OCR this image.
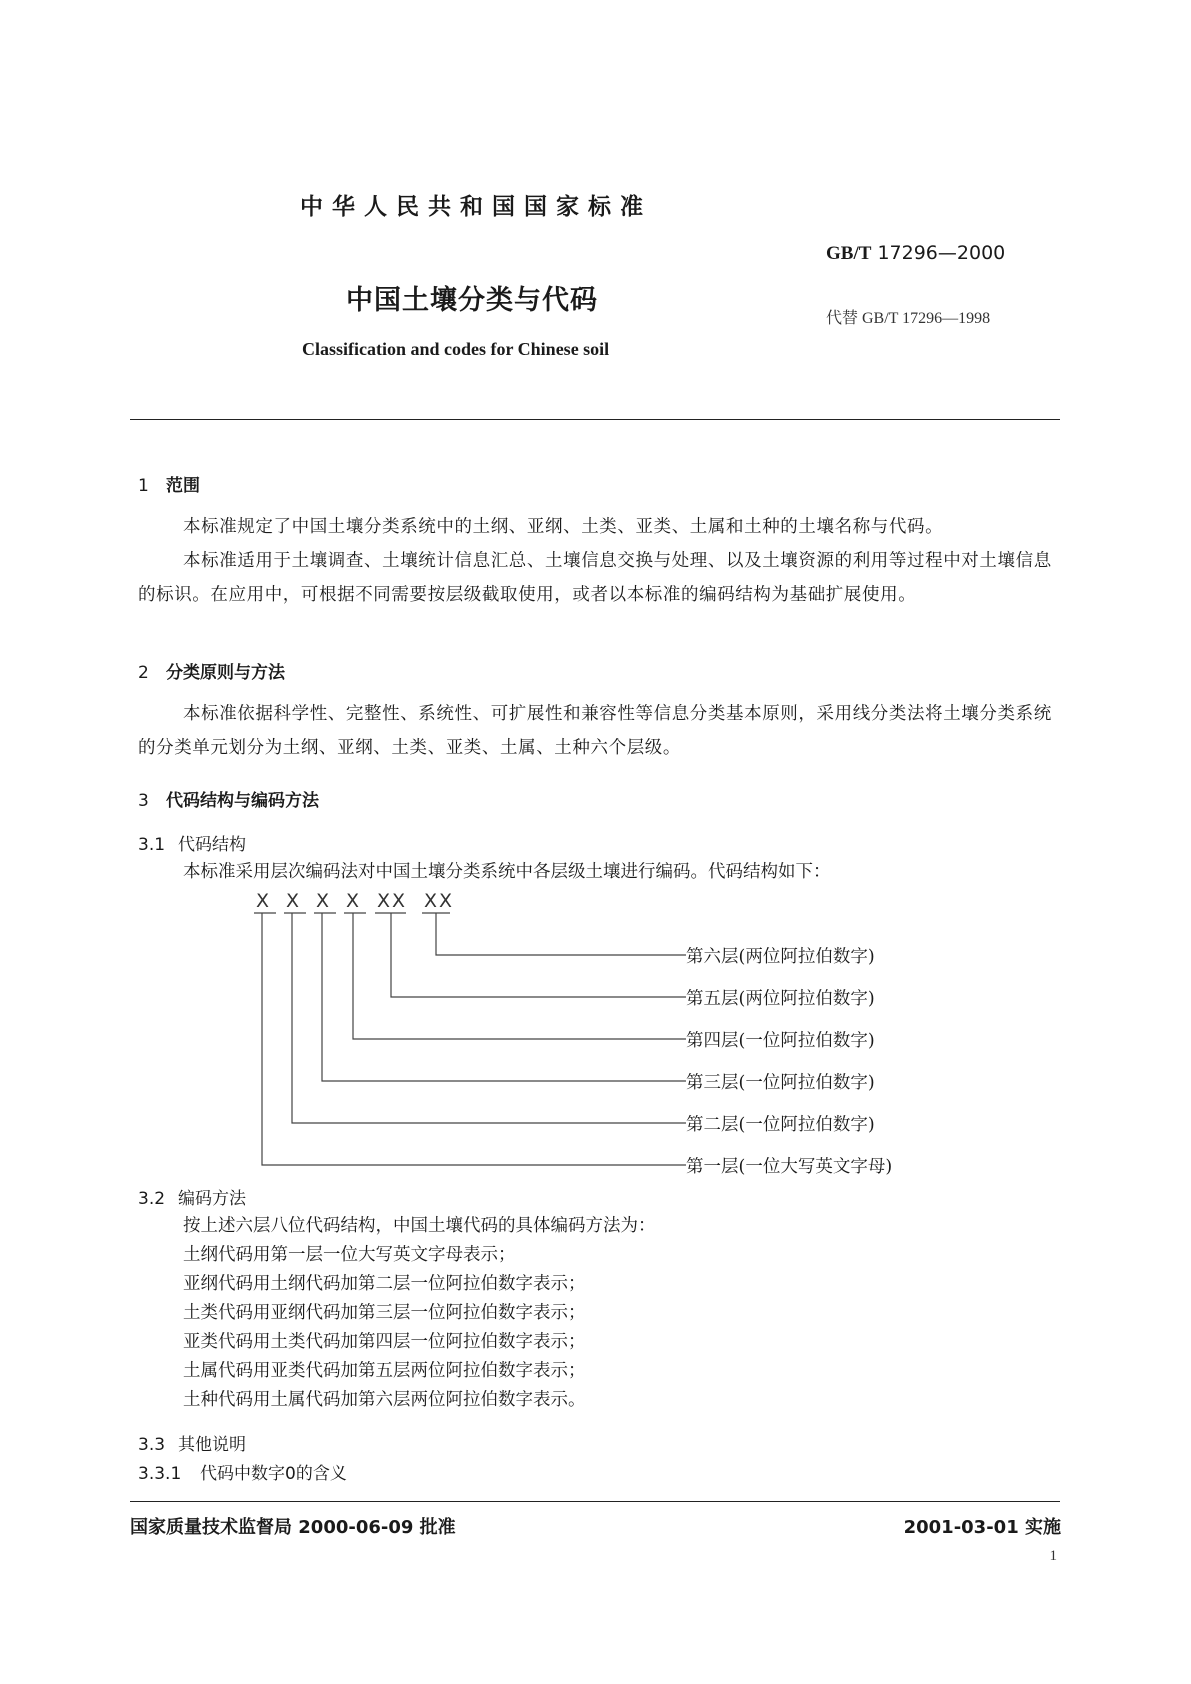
中华人民共和国国家标准
GB/T 17296—2000
中国土壤分类与代码
代替 GB/T 17296—1998
Classification and codes for Chinese soil
1 范围
本标准规定了中国土壤分类系统中的土纲、亚纲、土类、亚类、土属和土种的土壤名称与代码。
本标准适用于土壤调查、土壤统计信息汇总、土壤信息交换与处理、以及土壤资源的利用等过程中对土壤信息的标识。在应用中，可根据不同需要按层级截取使用，或者以本标准的编码结构为基础扩展使用。
2 分类原则与方法
本标准依据科学性、完整性、系统性、可扩展性和兼容性等信息分类基本原则，采用线分类法将土壤分类系统的分类单元划分为土纲、亚纲、土类、亚类、土属、土种六个层级。
3 代码结构与编码方法
3.1 代码结构
本标准采用层次编码法对中国土壤分类系统中各层级土壤进行编码。代码结构如下：
X X X X XX XX
第六层(两位阿拉伯数字)
第五层(两位阿拉伯数字)
第四层(一位阿拉伯数字)
第三层(一位阿拉伯数字)
第二层(一位阿拉伯数字)
第一层(一位大写英文字母)
3.2 编码方法
按上述六层八位代码结构，中国土壤代码的具体编码方法为：
土纲代码用第一层一位大写英文字母表示；
亚纲代码用土纲代码加第二层一位阿拉伯数字表示；
土类代码用亚纲代码加第三层一位阿拉伯数字表示；
亚类代码用土类代码加第四层一位阿拉伯数字表示；
土属代码用亚类代码加第五层两位阿拉伯数字表示；
土种代码用土属代码加第六层两位阿拉伯数字表示。
3.3 其他说明
3.3.1 代码中数字0的含义
国家质量技术监督局 2000-06-09 批准	2001-03-01 实施
1
